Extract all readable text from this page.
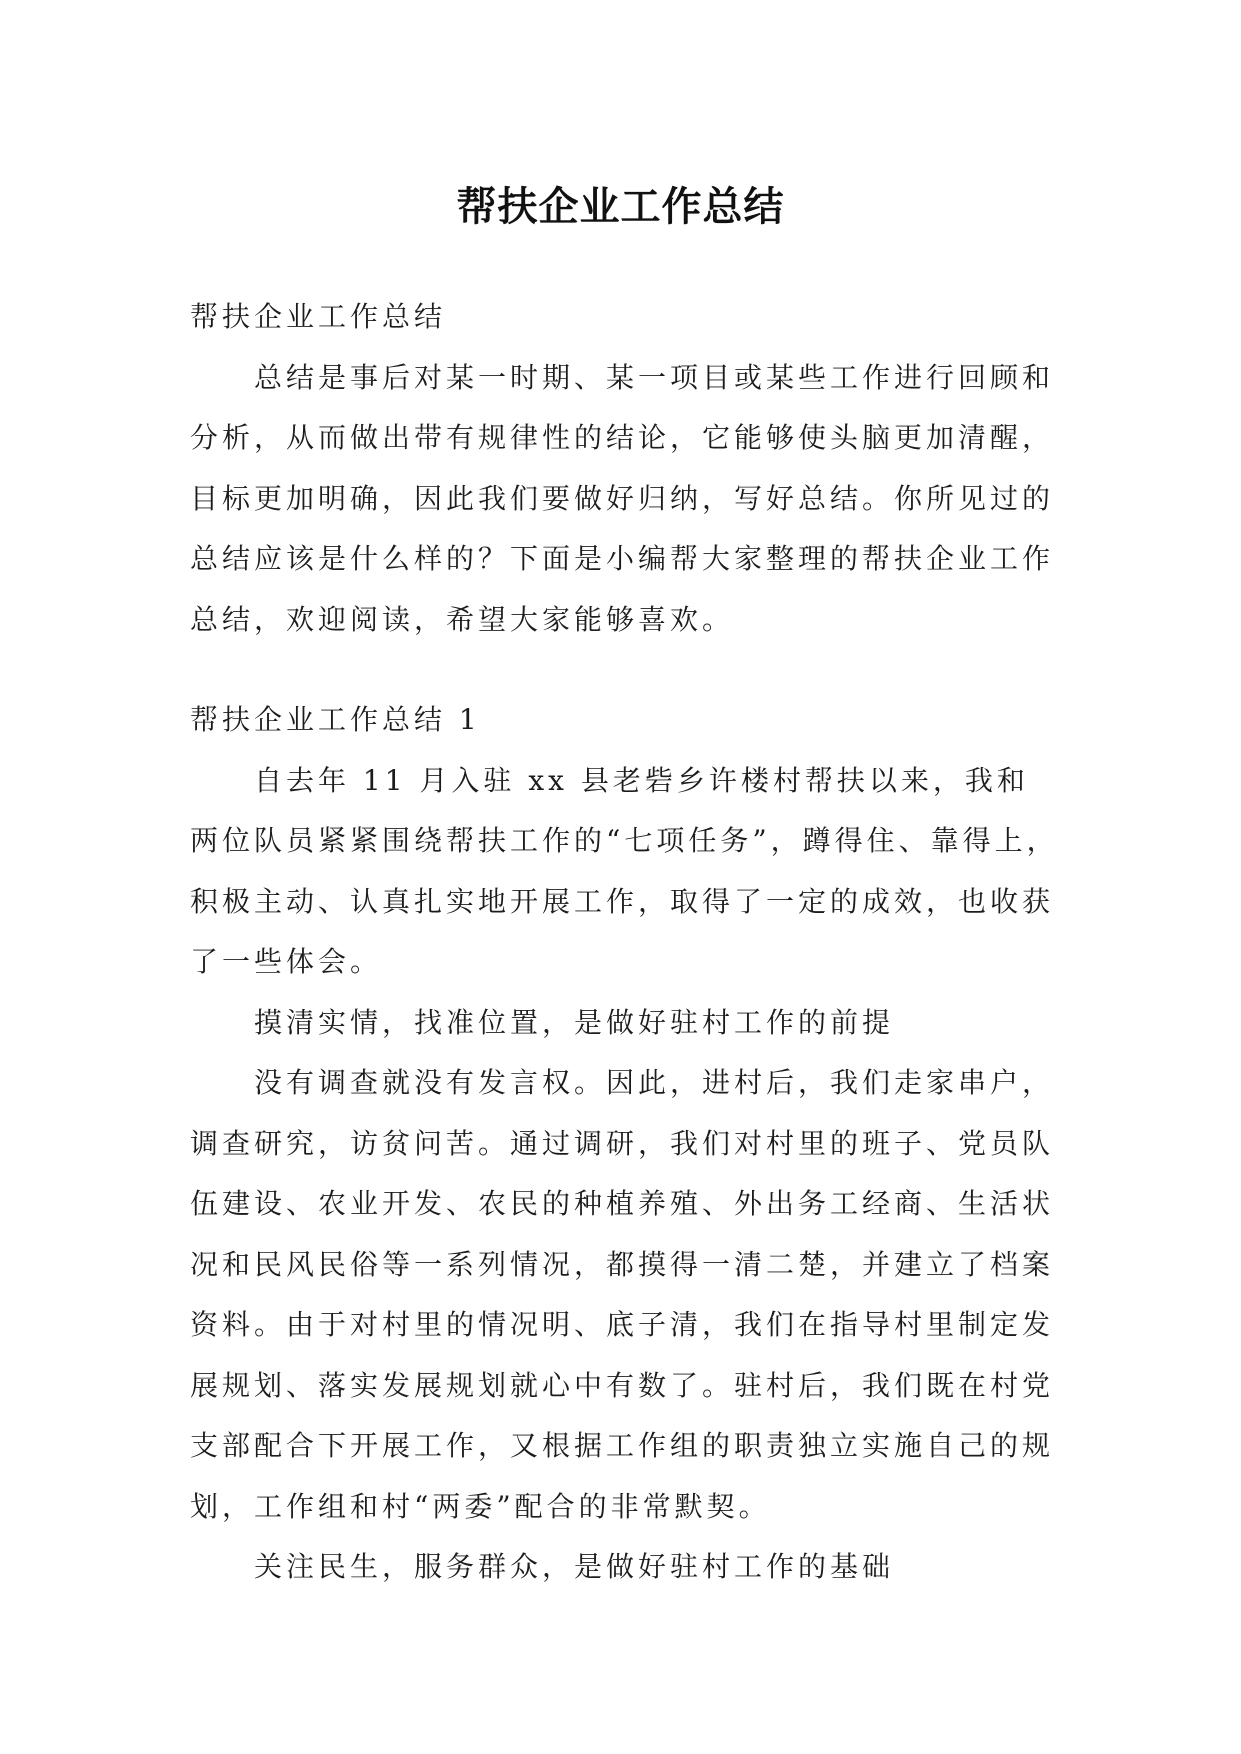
帮扶企业工作总结

帮扶企业工作总结

总结是事后对某一时期、某一项目或某些工作进行回顾和分析，从而做出带有规律性的结论，它能够使头脑更加清醒，目标更加明确，因此我们要做好归纳，写好总结。你所见过的总结应该是什么样的？下面是小编帮大家整理的帮扶企业工作总结，欢迎阅读，希望大家能够喜欢。

帮扶企业工作总结 1

自去年 11 月入驻 xx 县老砦乡许楼村帮扶以来，我和两位队员紧紧围绕帮扶工作的“七项任务”，蹲得住、靠得上，积极主动、认真扎实地开展工作，取得了一定的成效，也收获了一些体会。

摸清实情，找准位置，是做好驻村工作的前提

没有调查就没有发言权。因此，进村后，我们走家串户，调查研究，访贫问苦。通过调研，我们对村里的班子、党员队伍建设、农业开发、农民的种植养殖、外出务工经商、生活状况和民风民俗等一系列情况，都摸得一清二楚，并建立了档案资料。由于对村里的情况明、底子清，我们在指导村里制定发展规划、落实发展规划就心中有数了。驻村后，我们既在村党支部配合下开展工作，又根据工作组的职责独立实施自己的规划，工作组和村“两委”配合的非常默契。

关注民生，服务群众，是做好驻村工作的基础
